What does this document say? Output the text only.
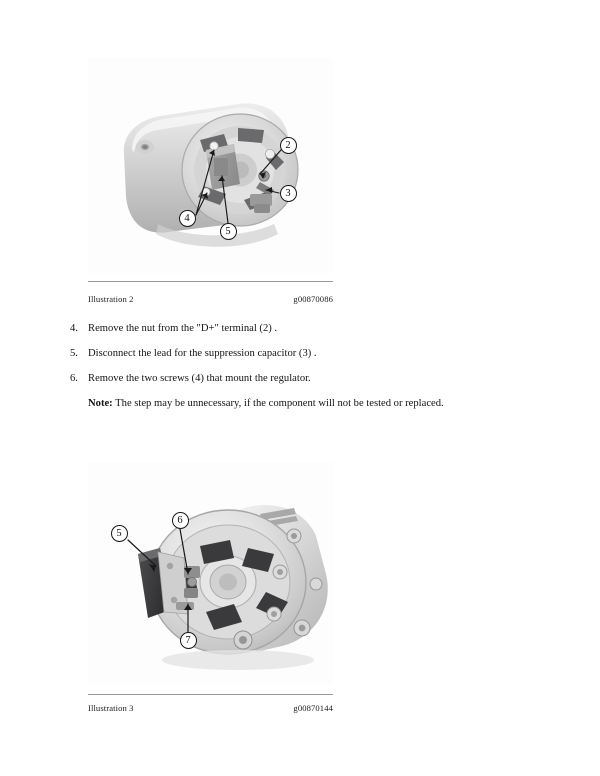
2
3
4
5
Illustration 2	g00870086
4. Remove the nut from the "D+" terminal (2) .
5. Disconnect the lead for the suppression capacitor (3) .
6. Remove the two screws (4) that mount the regulator.
Note: The step may be unnecessary, if the component will not be tested or replaced.
5
6
7
Illustration 3	g00870144
